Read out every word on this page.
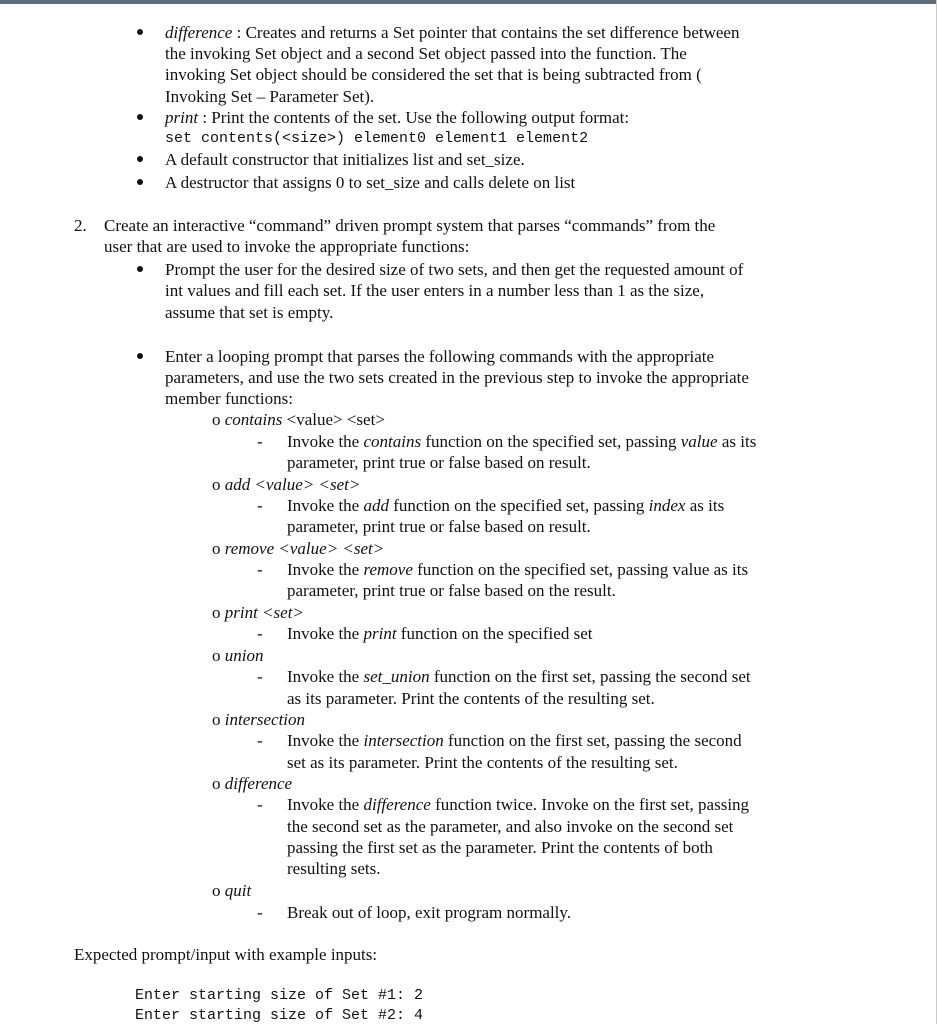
difference : Creates and returns a Set pointer that contains the set difference between
the invoking Set object and a second Set object passed into the function. The
invoking Set object should be considered the set that is being subtracted from (
Invoking Set – Parameter Set).
print : Print the contents of the set. Use the following output format:
set contents(<size>) element0 element1 element2
A default constructor that initializes list and set_size.
A destructor that assigns 0 to set_size and calls delete on list
2. Create an interactive “command” driven prompt system that parses “commands” from the
user that are used to invoke the appropriate functions:
Prompt the user for the desired size of two sets, and then get the requested amount of
int values and fill each set. If the user enters in a number less than 1 as the size,
assume that set is empty.
Enter a looping prompt that parses the following commands with the appropriate
parameters, and use the two sets created in the previous step to invoke the appropriate
member functions:
o contains <value> <set>
- Invoke the contains function on the specified set, passing value as its
parameter, print true or false based on result.
o add <value> <set>
- Invoke the add function on the specified set, passing index as its
parameter, print true or false based on result.
o remove <value> <set>
- Invoke the remove function on the specified set, passing value as its
parameter, print true or false based on the result.
o print <set>
- Invoke the print function on the specified set
o union
- Invoke the set_union function on the first set, passing the second set
as its parameter. Print the contents of the resulting set.
o intersection
- Invoke the intersection function on the first set, passing the second
set as its parameter. Print the contents of the resulting set.
o difference
- Invoke the difference function twice. Invoke on the first set, passing
the second set as the parameter, and also invoke on the second set
passing the first set as the parameter. Print the contents of both
resulting sets.
o quit
- Break out of loop, exit program normally.
Expected prompt/input with example inputs:
Enter starting size of Set #1: 2
Enter starting size of Set #2: 4
